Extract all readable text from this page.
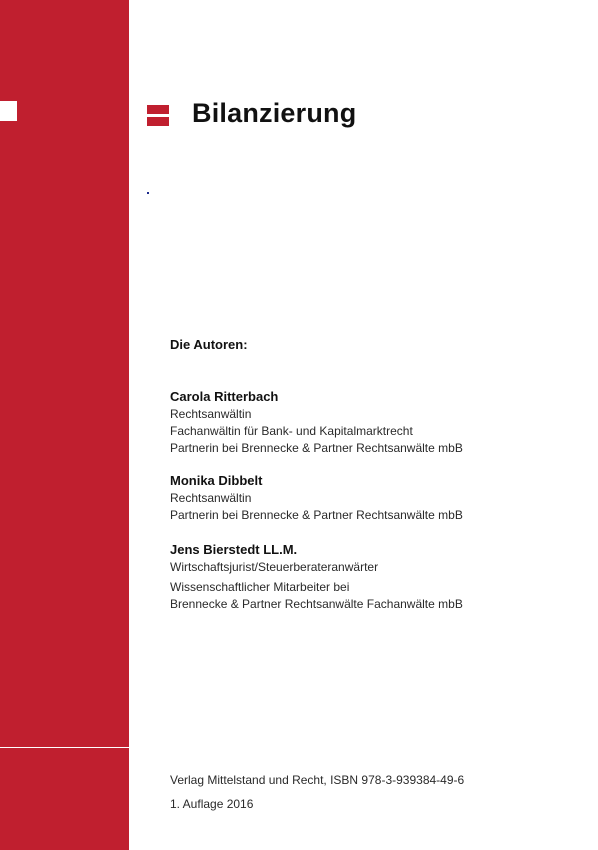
Bilanzierung
Die Autoren:
Carola Ritterbach
Rechtsanwältin
Fachanwältin für Bank- und Kapitalmarktrecht
Partnerin bei Brennecke & Partner Rechtsanwälte mbB
Monika Dibbelt
Rechtsanwältin
Partnerin bei Brennecke & Partner Rechtsanwälte mbB
Jens Bierstedt LL.M.
Wirtschaftsjurist/Steuerberateranwärter
Wissenschaftlicher Mitarbeiter bei
Brennecke & Partner Rechtsanwälte Fachanwälte mbB
Verlag Mittelstand und Recht, ISBN 978-3-939384-49-6
1. Auflage 2016
